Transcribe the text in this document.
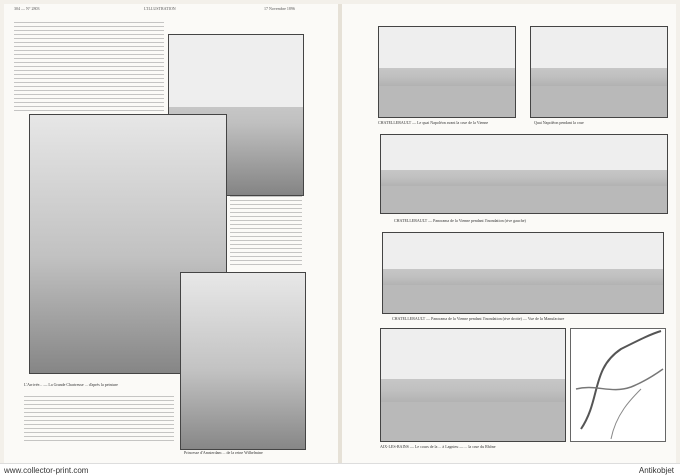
304 — N° 2803	L'ILLUSTRATION	17 Novembre 1896
L'Arrivée... — La Grande Chartreuse ... d'après la peinture
Princesse d'Amsterdam ... de la reine Wilhelmine
CHATELLERAULT — Le quai Napoléon avant la crue de la Vienne	Quai Napoléon pendant la crue
CHATELLERAULT — Panorama de la Vienne pendant l'inondation (rive gauche)
CHATELLERAULT — Panorama de la Vienne pendant l'inondation (rive droite) — Vue de la Manufacture
AIX-LES-BAINS — Le cours de la ... à Lagnieu — ... la crue du Rhône
www.collector-print.com	Antikobjet
